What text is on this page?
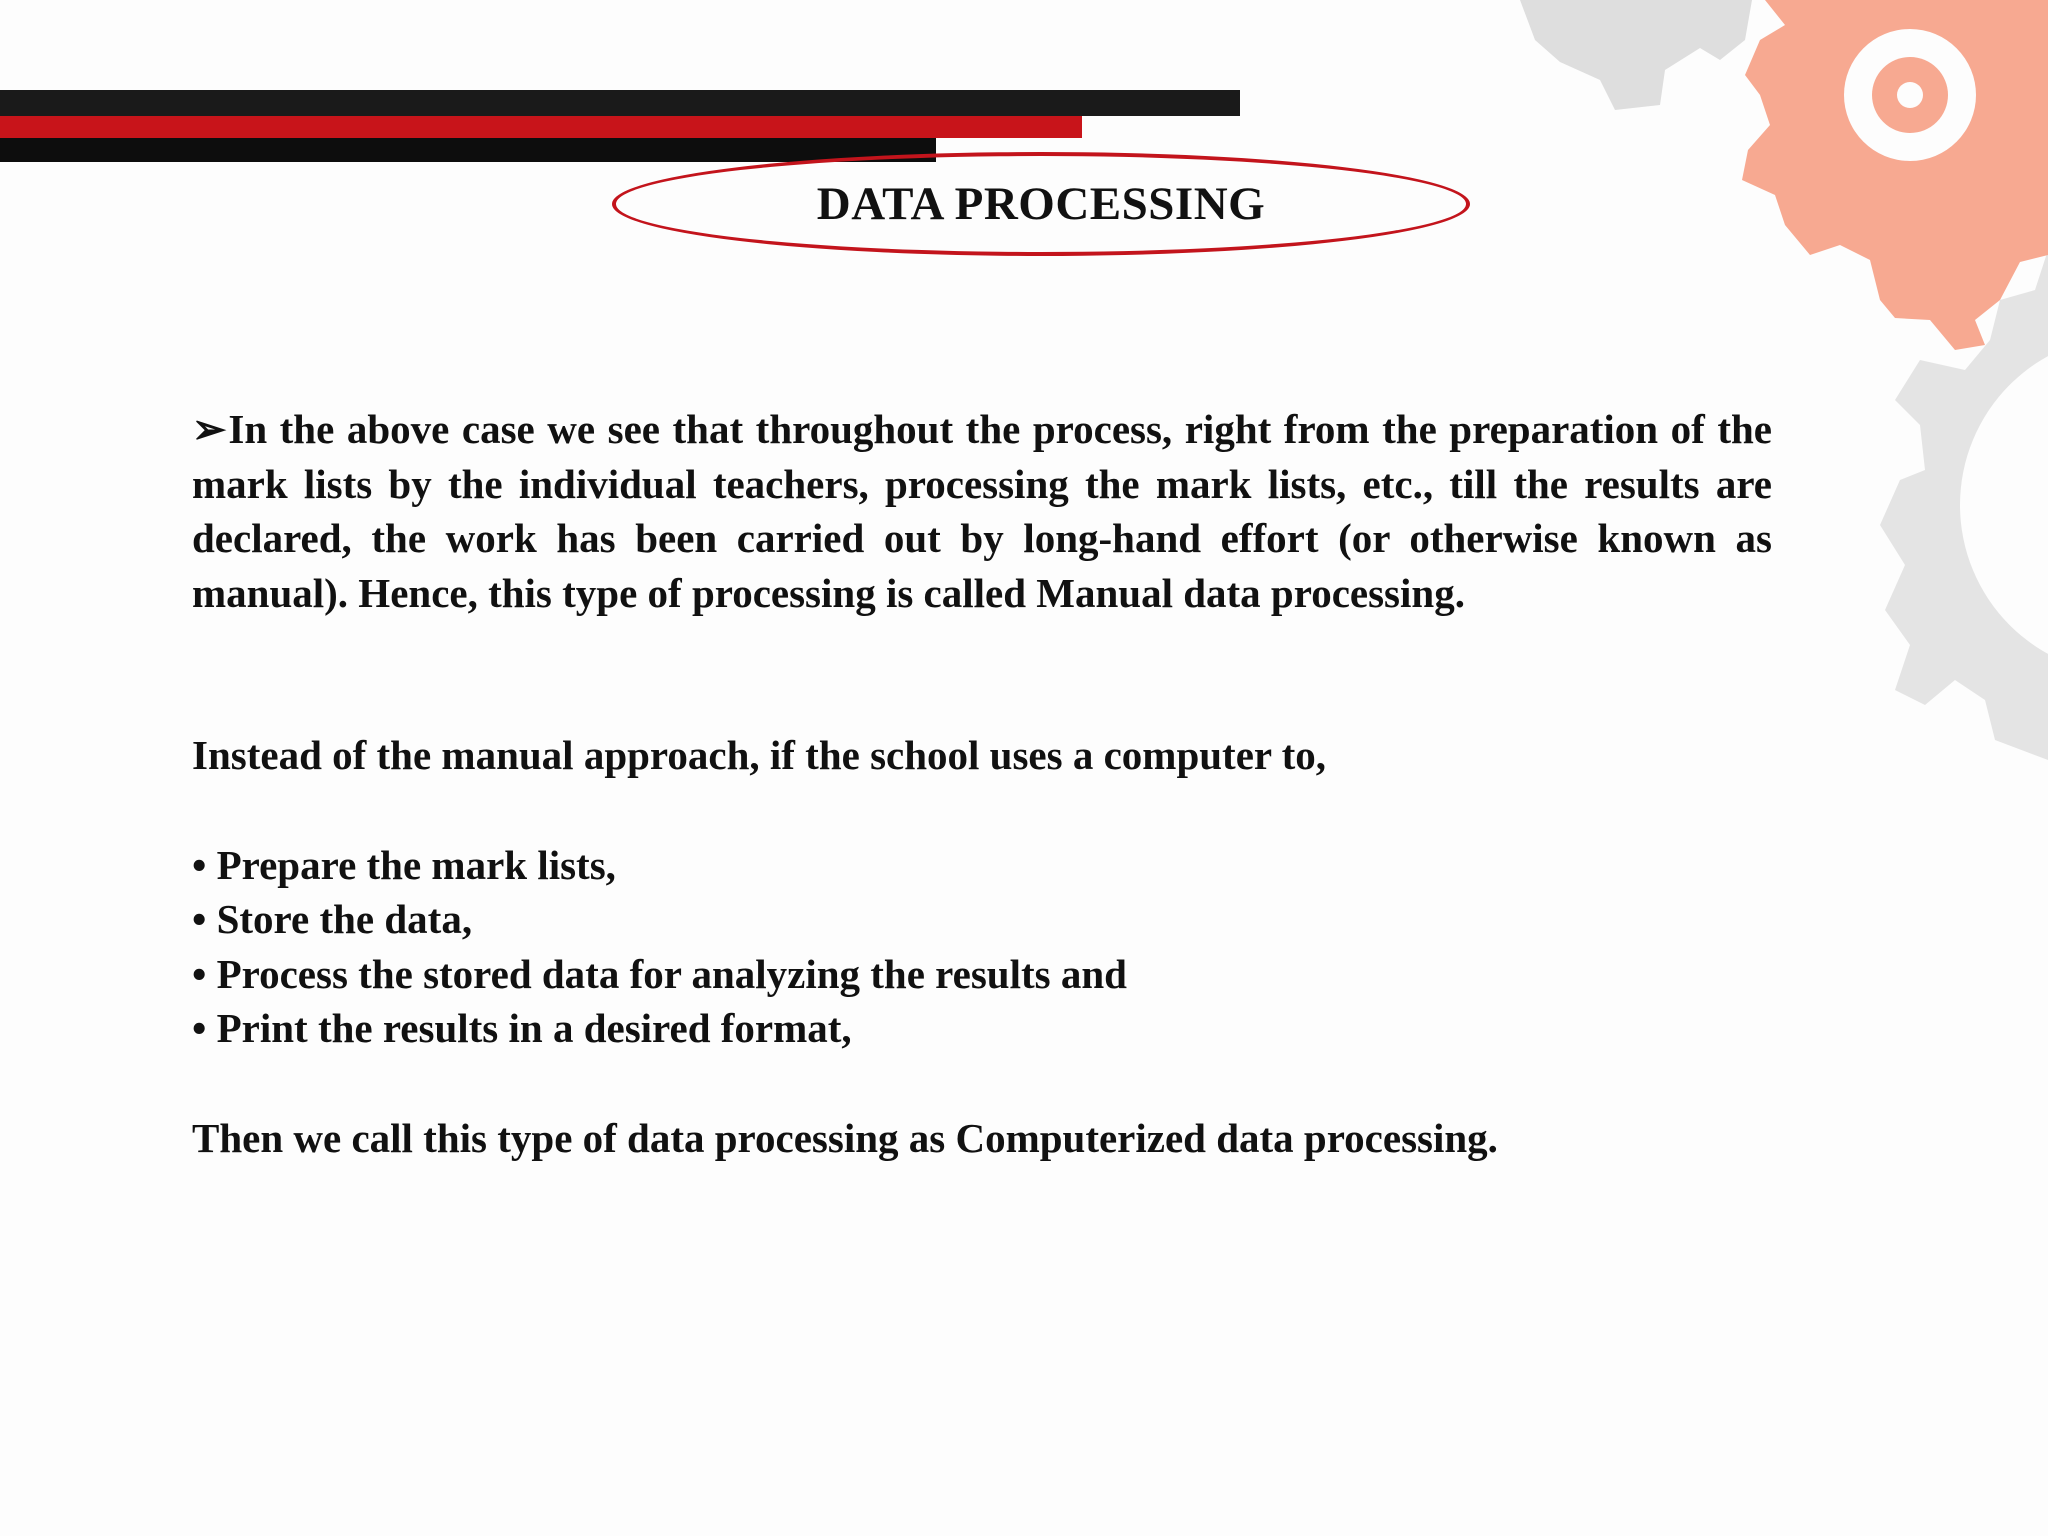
DATA PROCESSING

➢In the above case we see that throughout the process, right from the preparation of the mark lists by the individual teachers, processing the mark lists, etc., till the results are declared, the work has been carried out by long-hand effort (or otherwise known as manual). Hence, this type of processing is called Manual data processing.

Instead of the manual approach, if the school uses a computer to,

• Prepare the mark lists,
• Store the data,
• Process the stored data for analyzing the results and
• Print the results in a desired format,

Then we call this type of data processing as Computerized data processing.
